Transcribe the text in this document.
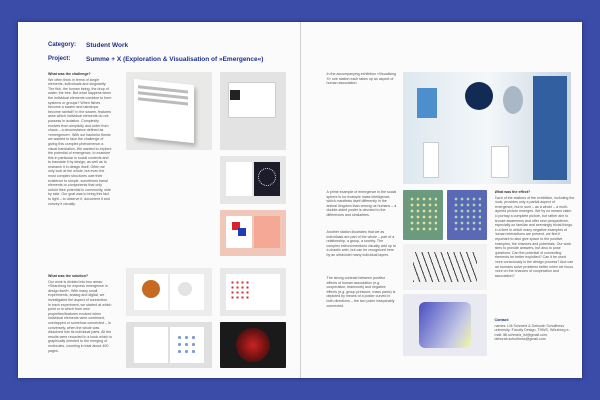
Category:	Student Work
Project:	Summe + X (Exploration & Visualisation of »Emergence«)
What was the challenge?
We often think in terms of single elements, individuals and singularity. The fish, the human being, the drop of water, the tree. But what happens when the individual elements combine to form systems or groups? When fishes become a swarm and raindrops become rainfall? In the swarm, features arise which individual elements do not possess in isolation. Complexity evolves from simplicity and order from chaos – a circumstance defined as »emergence«. With our bachelor thesis we wanted to face the challenge of giving this complex phenomenon a visual translation. We wanted to explore the potential of emergence, to examine this in particular in social contexts and to translate it by design, as well as to research it in design itself. Often we only look at the whole, but even the most complex structures owe their existence to simple, sometimes banal elements or components that only unfold their potential in community, side by side. Our goal was to bring this fact to light – to observe it, document it and convey it visually.
What was the solution?
Our work is divided into two areas: »Searching for express emergence in design itself«. With many small experiments, analog and digital, we investigated the aspect of connection. In each experiment, we started at which point or in which form new properties/features evolved when individual elements were combined, overlapped or somehow connected – in conversely, when the whole was dissolved into its individual parts. All the results were recorded in a book which is graphically oriented to the merging of molecules, counting in total about 400 pages.
In the accompanying exhibition »Visualising X« one station each takes up an aspect of human association.
A prime example of emergence in the social sphere is for example mass intelligence, which manifests itself differently in the animal kingdom than among us humans – a double-sided poster is devoted to the differences and similarities.
Another station illustrates that we as individuals are part of the whole – part of a relationship, a group, a society. The complex interconnections visually add up to a chaotic web, but can be recognized here by an ultraviolet many individual layers.
The strong contrast between positive effects of human association (e.g. cooperation, teamwork) and negative effects (e.g. group pressure, mass panic) is depicted by means of a poster curved in both directions – the two poles inseparably connected.
What was the effect?
Each of the stations of the exhibition, including the book, provides only a partial aspect of emergence, but in sum – as a whole – a multi-layered picture emerges. We by no means claim to portray a complete picture, but rather aim to arouse awareness and offer new perspectives, especially on familiar and seemingly trivial things. In a time in which many negative examples of human interactions are present, we find it important to also give space to the positive examples, the chances and potentials. Our work aims to provide answers, but also to pose questions: Can the potential of connecting elements be better exploited? Can it be used more consciously in the design process? And can we humans solve problems better when we focus more on the chances of cooperation and association?
Contact:
names: Lilli Schmelz & Deborah Schulthess university: Faculty Design, THWS, Würzburg e-mail: lilli.schmelz_lsf@gmail.com, deborah.schulthess@gmail.com
